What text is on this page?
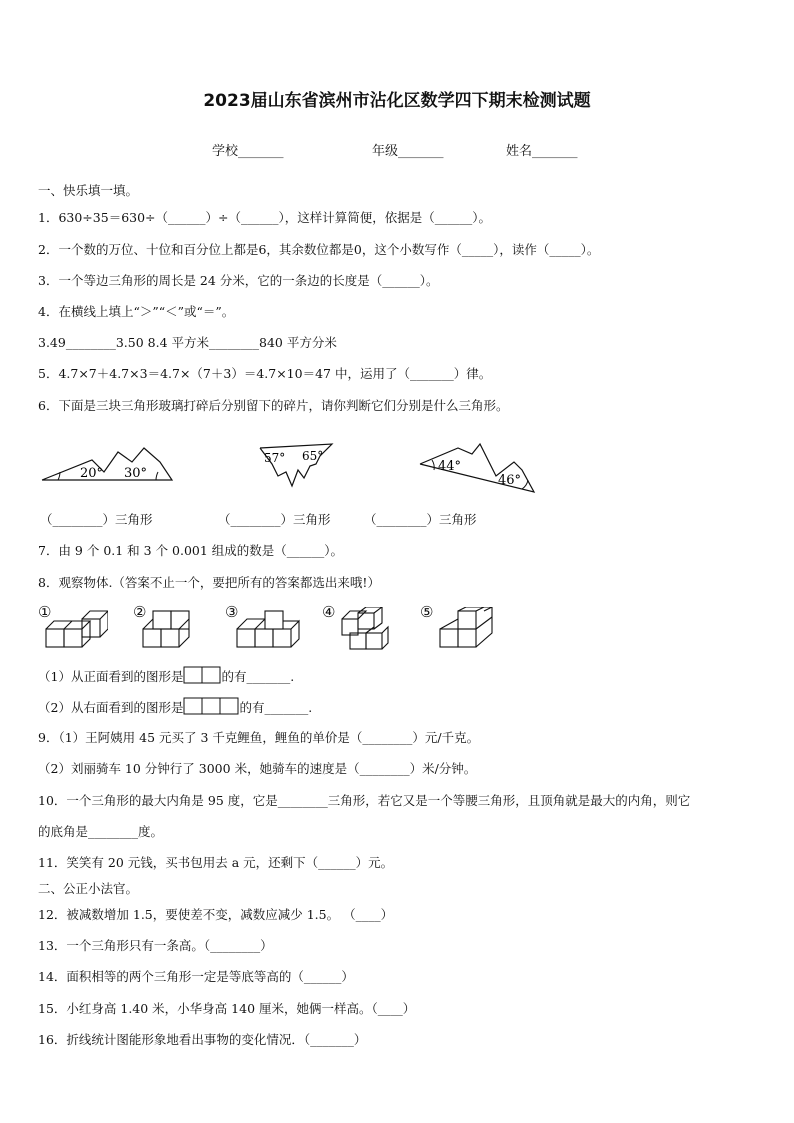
2023届山东省滨州市沾化区数学四下期末检测试题
学校_______	年级_______	姓名_______
一、快乐填一填。
1．630÷35＝630÷（______）÷（______），这样计算简便，依据是（______）。
2．一个数的万位、十位和百分位上都是6，其余数位都是0，这个小数写作（_____），读作（_____）。
3．一个等边三角形的周长是 24 分米，它的一条边的长度是（______）。
4．在横线上填上“＞”“＜”或“＝”。
3.49________3.50 8.4 平方米________840 平方分米
5．4.7×7＋4.7×3＝4.7×（7＋3）＝4.7×10＝47 中，运用了（_______）律。
6．下面是三块三角形玻璃打碎后分别留下的碎片，请你判断它们分别是什么三角形。
20° 30°
57° 65°
44°
46°
（________）三角形	（________）三角形	（________）三角形
7．由 9 个 0.1 和 3 个 0.001 组成的数是（______）。
8．观察物体.（答案不止一个，要把所有的答案都选出来哦!）
①	②	③	④	⑤
（1）从正面看到的图形是	的有_______.
（2）从右面看到的图形是	的有_______.
9．（1）王阿姨用 45 元买了 3 千克鲤鱼，鲤鱼的单价是（________）元/千克。
（2）刘丽骑车 10 分钟行了 3000 米，她骑车的速度是（________）米/分钟。
10．一个三角形的最大内角是 95 度，它是________三角形，若它又是一个等腰三角形，且顶角就是最大的内角，则它
的底角是________度。
11．笑笑有 20 元钱，买书包用去 a 元，还剩下（______）元。
二、公正小法官。
12．被减数增加 1.5，要使差不变，减数应减少 1.5。 （____）
13．一个三角形只有一条高。（________）
14．面积相等的两个三角形一定是等底等高的（______）
15．小红身高 1.40 米，小华身高 140 厘米，她俩一样高。（____）
16．折线统计图能形象地看出事物的变化情况．（_______）
